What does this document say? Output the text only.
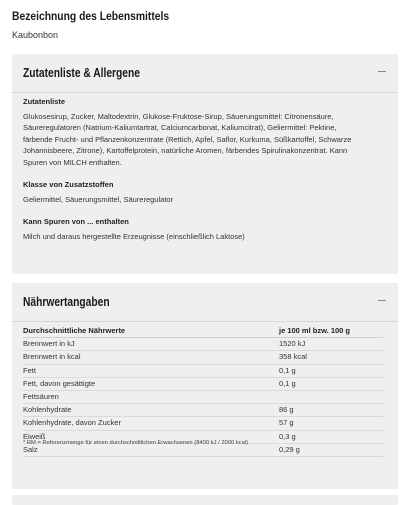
Bezeichnung des Lebensmittels
Kaubonbon
Zutatenliste & Allergene
Zutatenliste
Glukosesirup, Zucker, Maltodextrin, Glukose-Fruktose-Sirup, Säuerungsmittel: Citronensäure,
Säureregulatoren (Natrium-Kaliumtartrat, Calciumcarbonat, Kaliumcitrat), Geliermittel: Pektine,
färbende Frucht- und Pflanzenkonzentrate (Rettich, Apfel, Saflor, Kurkuma, Süßkartoffel, Schwarze
Johannisbeere, Zitrone), Kartoffelprotein, natürliche Aromen, färbendes Spirulinakonzentrat. Kann
Spuren von MILCH enthalten.
Klasse von Zusatzstoffen
Geliermittel, Säuerungsmittel, Säureregulator
Kann Spuren von ... enthalten
Milch und daraus hergestellte Erzeugnisse (einschließlich Laktose)
Nährwertangaben
Durchschnittliche Nährwerte	je 100 ml bzw. 100 g
Brennwert in kJ	1520 kJ
Brennwert in kcal	358 kcal
Fett	0,1 g
Fett, davon gesättigte	0,1 g
Fettsäuren
Kohlenhydrate	86 g
Kohlenhydrate, davon Zucker	57 g
Eiweiß	0,3 g
Salz	0,29 g
* RM = Referenzmenge für einen durchschnittlichen Erwachsenen (8400 kJ / 2000 kcal)
